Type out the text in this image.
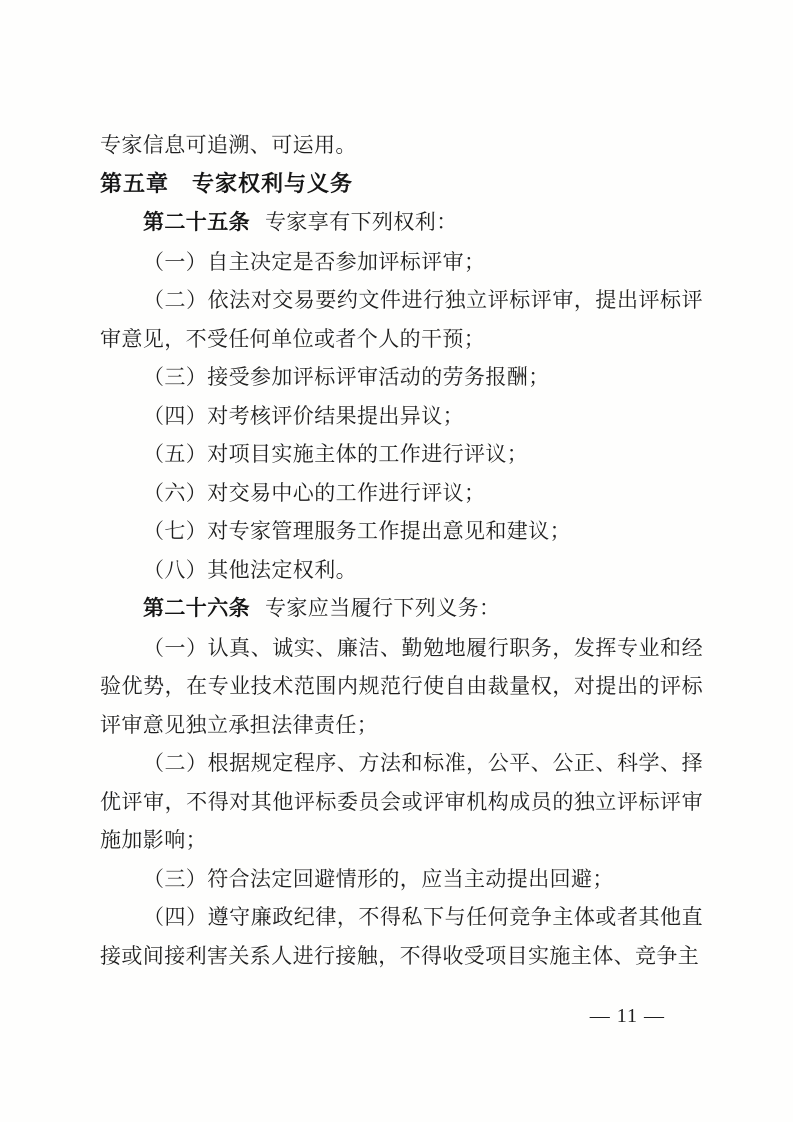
专家信息可追溯、可运用。

第五章　专家权利与义务

第二十五条 专家享有下列权利：

（一）自主决定是否参加评标评审；

（二）依法对交易要约文件进行独立评标评审，提出评标评审意见，不受任何单位或者个人的干预；

（三）接受参加评标评审活动的劳务报酬；

（四）对考核评价结果提出异议；

（五）对项目实施主体的工作进行评议；

（六）对交易中心的工作进行评议；

（七）对专家管理服务工作提出意见和建议；

（八）其他法定权利。

第二十六条 专家应当履行下列义务：

（一）认真、诚实、廉洁、勤勉地履行职务，发挥专业和经验优势，在专业技术范围内规范行使自由裁量权，对提出的评标评审意见独立承担法律责任；

（二）根据规定程序、方法和标准，公平、公正、科学、择优评审，不得对其他评标委员会或评审机构成员的独立评标评审施加影响；

（三）符合法定回避情形的，应当主动提出回避；

（四）遵守廉政纪律，不得私下与任何竞争主体或者其他直接或间接利害关系人进行接触，不得收受项目实施主体、竞争主

— 11 —
